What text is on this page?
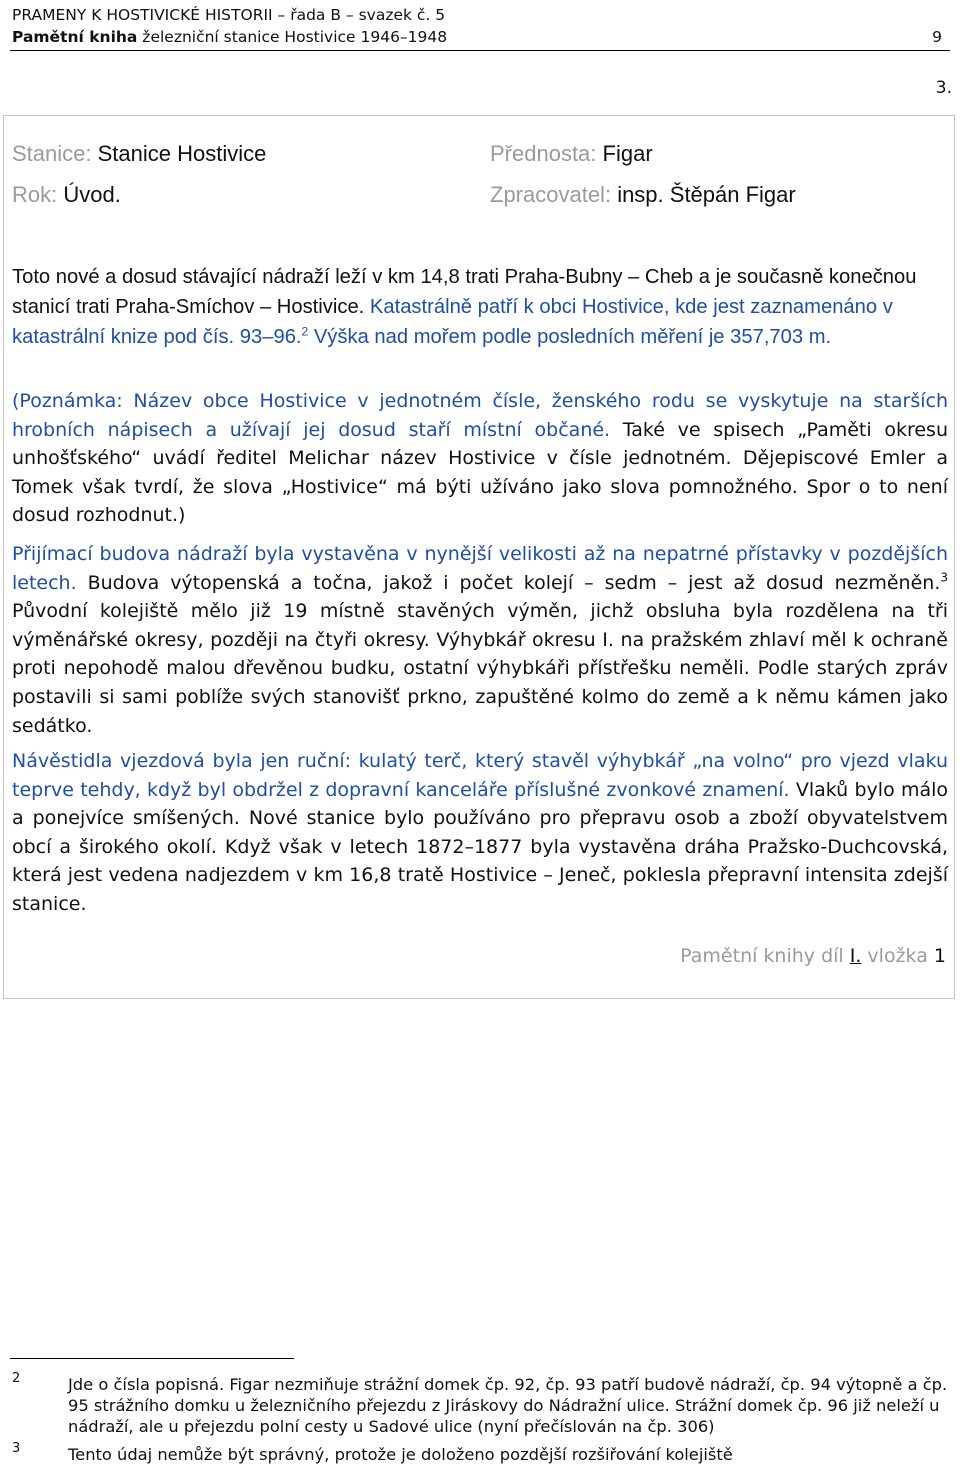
PRAMENY K HOSTIVICKÉ HISTORII – řada B – svazek č. 5
Pamětní kniha železniční stanice Hostivice 1946–1948	9
3.
Stanice: Stanice Hostivice
Rok: Úvod.
Přednosta: Figar
Zpracovatel: insp. Štěpán Figar
Toto nové a dosud stávající nádraží leží v km 14,8 trati Praha-Bubny – Cheb a je současně konečnou stanicí trati Praha-Smíchov – Hostivice. Katastrálně patří k obci Hostivice, kde jest zaznamenáno v katastrální knize pod čís. 93–96.$^2$ Výška nad mořem podle posledních měření je 357,703 m.
(Poznámka: Název obce Hostivice v jednotném čísle, ženského rodu se vyskytuje na starších hrobních nápisech a užívají jej dosud staří místní občané. Také ve spisech „Paměti okresu unhošťského“ uvádí ředitel Melichar název Hostivice v čísle jednotném. Dějepiscové Emler a Tomek však tvrdí, že slova „Hostivice“ má býti užíváno jako slova pomnožného. Spor o to není dosud rozhodnut.)
Přijímací budova nádraží byla vystavěna v nynější velikosti až na nepatrné přístavky v pozdějších letech. Budova výtopenská a točna, jakož i počet kolejí – sedm – jest až dosud nezměněn.$^3$ Původní kolejiště mělo již 19 místně stavěných výměn, jichž obsluha byla rozdělena na tři výměnářské okresy, později na čtyři okresy. Výhybkář okresu I. na pražském zhlaví měl k ochraně proti nepohodě malou dřevěnou budku, ostatní výhybkáři přístřešku neměli. Podle starých zpráv postavili si sami poblíže svých stanovišť prkno, zapuštěné kolmo do země a k němu kámen jako sedátko.
Návěstidla vjezdová byla jen ruční: kulatý terč, který stavěl výhybkář „na volno“ pro vjezd vlaku teprve tehdy, když byl obdržel z dopravní kanceláře příslušné zvonkové znamení. Vlaků bylo málo a ponejvíce smíšených. Nové stanice bylo používáno pro přepravu osob a zboží obyvatelstvem obcí a širokého okolí. Když však v letech 1872–1877 byla vystavěna dráha Pražsko-Duchcovská, která jest vedena nadjezdem v km 16,8 tratě Hostivice – Jeneč, poklesla přepravní intensita zdejší stanice.
Pamětní knihy díl I. vložka 1
2	Jde o čísla popisná. Figar nezmiňuje strážní domek čp. 92, čp. 93 patří budově nádraží, čp. 94 výtopně a čp. 95 strážního domku u železničního přejezdu z Jiráskovy do Nádražní ulice. Strážní domek čp. 96 již neleží u nádraží, ale u přejezdu polní cesty u Sadové ulice (nyní přečíslován na čp. 306)
3	Tento údaj nemůže být správný, protože je doloženo pozdější rozšiřování kolejiště
